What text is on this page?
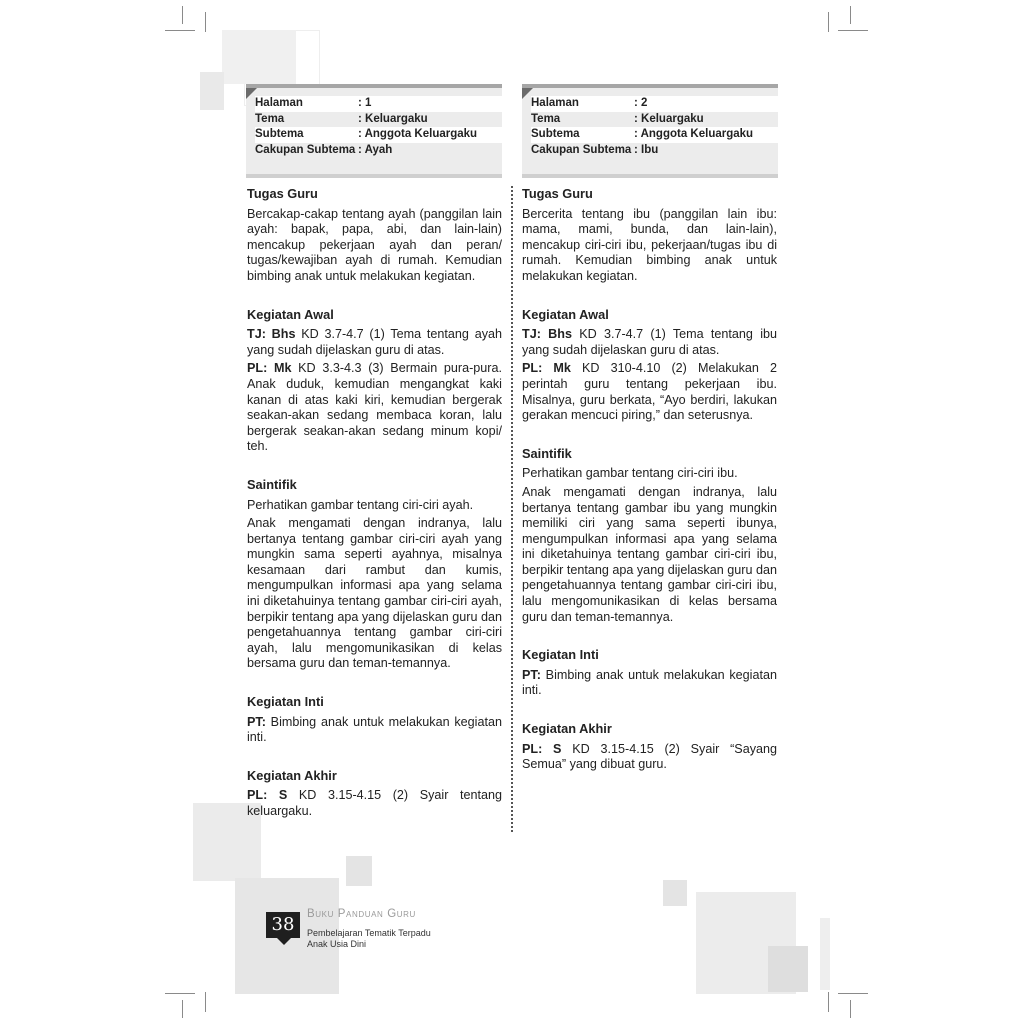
Halaman	: 1
Tema	: Keluargaku
Subtema	: Anggota Keluargaku
Cakupan Subtema : Ayah
Halaman	: 2
Tema	: Keluargaku
Subtema	: Anggota Keluargaku
Cakupan Subtema : Ibu
Tugas Guru

Bercakap-cakap tentang ayah (panggilan lain ayah: bapak, papa, abi, dan lain-lain) mencakup pekerjaan ayah dan peran/ tugas/kewajiban ayah di rumah. Kemudian bimbing anak untuk melakukan kegiatan.

Kegiatan Awal

TJ: Bhs KD 3.7-4.7 (1) Tema tentang ayah yang sudah dijelaskan guru di atas.

PL: Mk KD 3.3-4.3 (3) Bermain pura-pura. Anak duduk, kemudian mengangkat kaki kanan di atas kaki kiri, kemudian bergerak seakan-akan sedang membaca koran, lalu bergerak seakan-akan sedang minum kopi/ teh.

Saintifik

Perhatikan gambar tentang ciri-ciri ayah.

Anak mengamati dengan indranya, lalu bertanya tentang gambar ciri-ciri ayah yang mungkin sama seperti ayahnya, misalnya kesamaan dari rambut dan kumis, mengumpulkan informasi apa yang selama ini diketahuinya tentang gambar ciri-ciri ayah, berpikir tentang apa yang dijelaskan guru dan pengetahuannya tentang gambar ciri-ciri ayah, lalu mengomunikasikan di kelas bersama guru dan teman-temannya.

Kegiatan Inti

PT: Bimbing anak untuk melakukan kegiatan inti.

Kegiatan Akhir

PL: S KD 3.15-4.15 (2) Syair tentang keluargaku.

Tugas Guru

Bercerita tentang ibu (panggilan lain ibu: mama, mami, bunda, dan lain-lain), mencakup ciri-ciri ibu, pekerjaan/tugas ibu di rumah. Kemudian bimbing anak untuk melakukan kegiatan.

Kegiatan Awal

TJ: Bhs KD 3.7-4.7 (1) Tema tentang ibu yang sudah dijelaskan guru di atas.

PL: Mk KD 310-4.10 (2) Melakukan 2 perintah guru tentang pekerjaan ibu. Misalnya, guru berkata, “Ayo berdiri, lakukan gerakan mencuci piring,” dan seterusnya.

Saintifik

Perhatikan gambar tentang ciri-ciri ibu.

Anak mengamati dengan indranya, lalu bertanya tentang gambar ibu yang mungkin memiliki ciri yang sama seperti ibunya, mengumpulkan informasi apa yang selama ini diketahuinya tentang gambar ciri-ciri ibu, berpikir tentang apa yang dijelaskan guru dan pengetahuannya tentang gambar ciri-ciri ibu, lalu mengomunikasikan di kelas bersama guru dan teman-temannya.

Kegiatan Inti

PT: Bimbing anak untuk melakukan kegiatan inti.

Kegiatan Akhir

PL: S KD 3.15-4.15 (2) Syair “Sayang Semua” yang dibuat guru.

38	Buku Panduan Guru
Pembelajaran Tematik Terpadu
Anak Usia Dini
